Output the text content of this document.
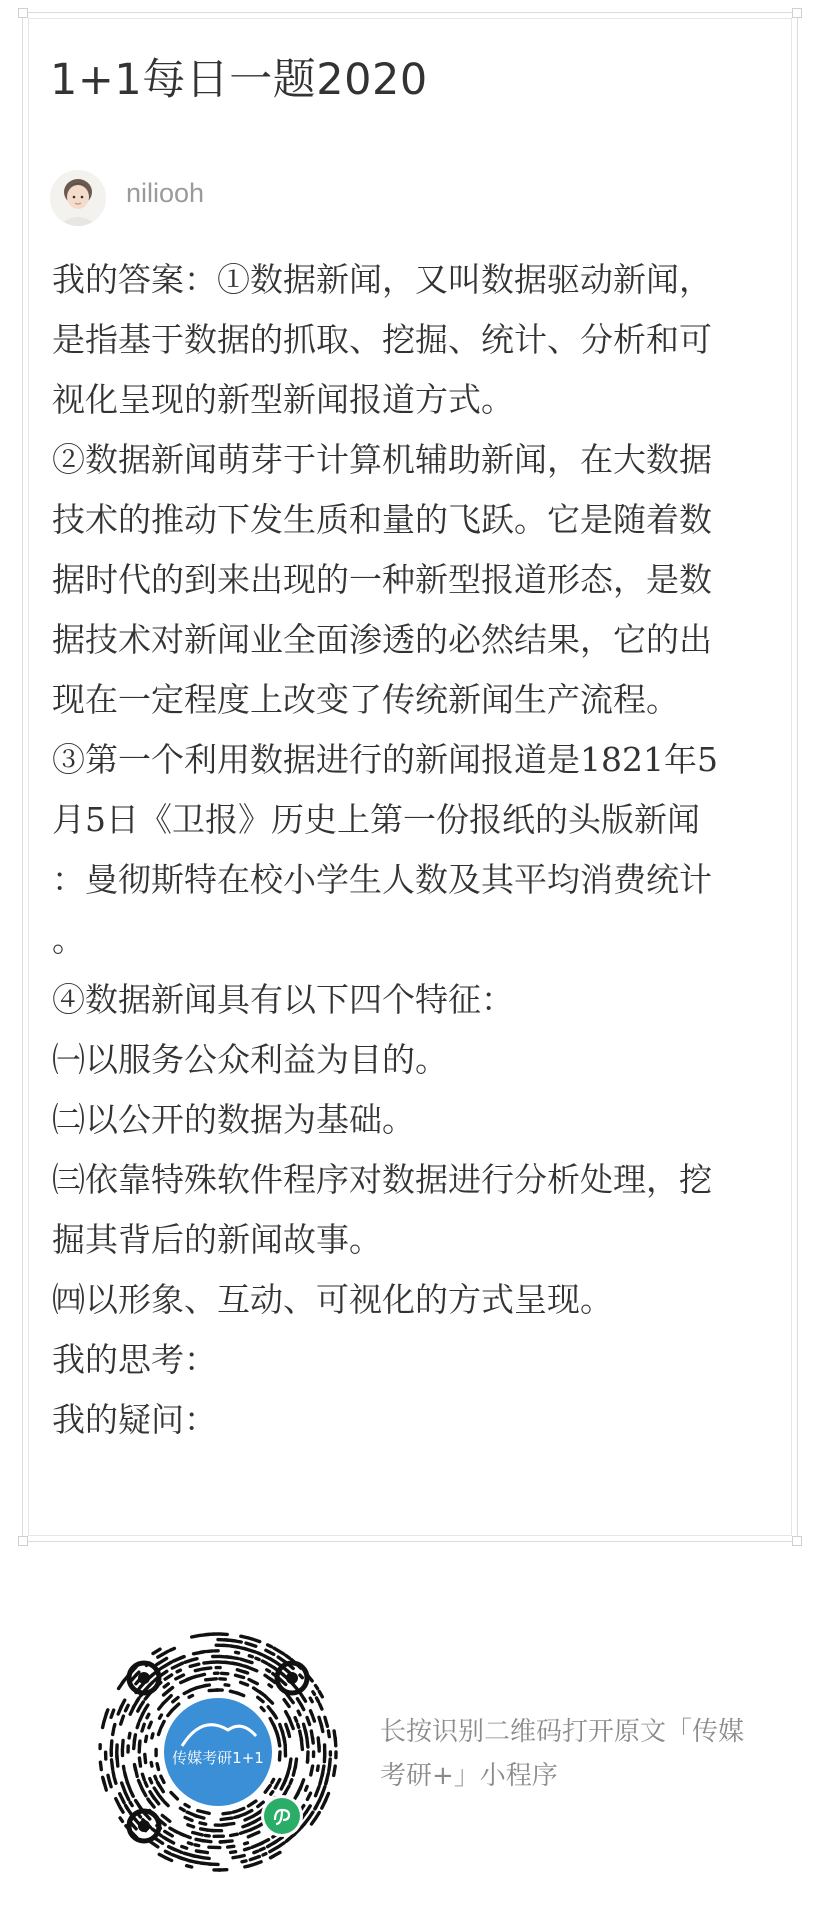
1+1每日一题2020
niliooh
我的答案：①数据新闻，又叫数据驱动新闻，
是指基于数据的抓取、挖掘、统计、分析和可
视化呈现的新型新闻报道方式。
②数据新闻萌芽于计算机辅助新闻，在大数据
技术的推动下发生质和量的飞跃。它是随着数
据时代的到来出现的一种新型报道形态，是数
据技术对新闻业全面渗透的必然结果，它的出
现在一定程度上改变了传统新闻生产流程。
③第一个利用数据进行的新闻报道是1821年5
月5日《卫报》历史上第一份报纸的头版新闻
：曼彻斯特在校小学生人数及其平均消费统计
。
④数据新闻具有以下四个特征：
㈠以服务公众利益为目的。
㈡以公开的数据为基础。
㈢依靠特殊软件程序对数据进行分析处理，挖
掘其背后的新闻故事。
㈣以形象、互动、可视化的方式呈现。
我的思考：
我的疑问：
传媒考研1+1
长按识别二维码打开原文「传媒
考研+」小程序
